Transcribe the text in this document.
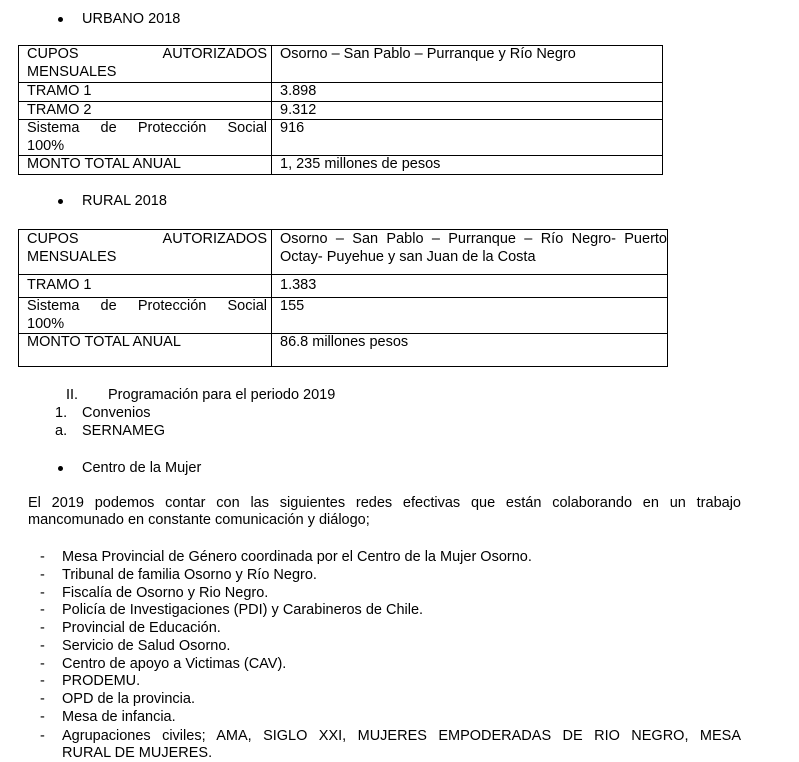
URBANO 2018
CUPOS AUTORIZADOS
MENSUALES	Osorno – San Pablo – Purranque y Río Negro
TRAMO 1	3.898
TRAMO 2	9.312

Sistema de Protección Social
100%	916
MONTO TOTAL ANUAL	1, 235 millones de pesos
RURAL 2018
CUPOS AUTORIZADOS
MENSUALES	Osorno – San Pablo – Purranque – Río Negro- Puerto
Octay- Puyehue y san Juan de la Costa

TRAMO 1	1.383

Sistema de Protección Social
100%	155
MONTO TOTAL ANUAL	86.8 millones pesos
II. Programación para el periodo 2019
1. Convenios
a. SERNAMEG
Centro de la Mujer
El 2019 podemos contar con las siguientes redes efectivas que están colaborando en un trabajo
mancomunado en constante comunicación y diálogo;
- Mesa Provincial de Género coordinada por el Centro de la Mujer Osorno.
- Tribunal de familia Osorno y Río Negro.
- Fiscalía de Osorno y Rio Negro.
- Policía de Investigaciones (PDI) y Carabineros de Chile.
- Provincial de Educación.
- Servicio de Salud Osorno.
- Centro de apoyo a Victimas (CAV).
- PRODEMU.
- OPD de la provincia.
- Mesa de infancia.
- Agrupaciones civiles; AMA, SIGLO XXI, MUJERES EMPODERADAS DE RIO NEGRO, MESA
RURAL DE MUJERES.
